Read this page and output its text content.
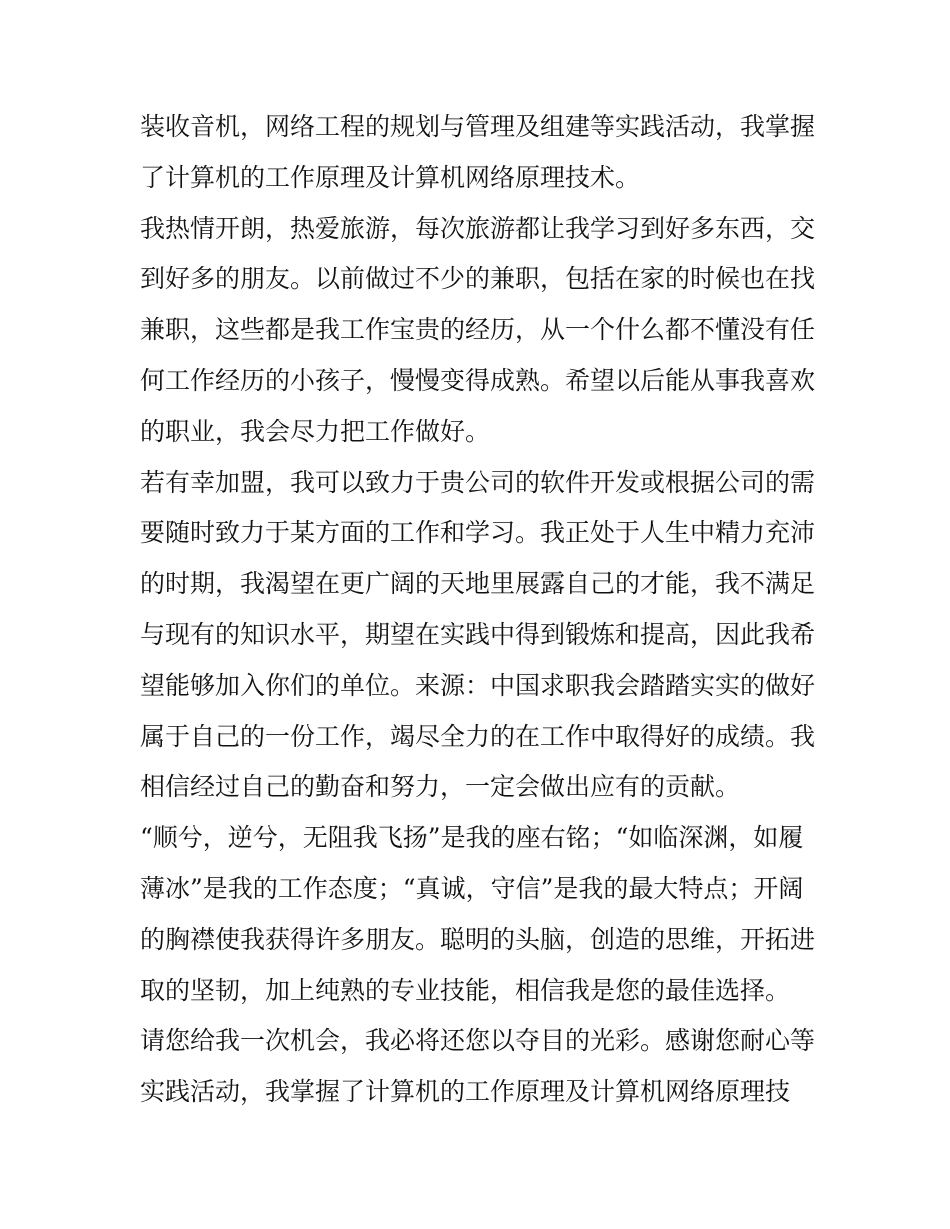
装收音机，网络工程的规划与管理及组建等实践活动，我掌握
了计算机的工作原理及计算机网络原理技术。
我热情开朗，热爱旅游，每次旅游都让我学习到好多东西，交
到好多的朋友。以前做过不少的兼职，包括在家的时候也在找
兼职，这些都是我工作宝贵的经历，从一个什么都不懂没有任
何工作经历的小孩子，慢慢变得成熟。希望以后能从事我喜欢
的职业，我会尽力把工作做好。
若有幸加盟，我可以致力于贵公司的软件开发或根据公司的需
要随时致力于某方面的工作和学习。我正处于人生中精力充沛
的时期，我渴望在更广阔的天地里展露自己的才能，我不满足
与现有的知识水平，期望在实践中得到锻炼和提高，因此我希
望能够加入你们的单位。来源：中国求职我会踏踏实实的做好
属于自己的一份工作，竭尽全力的在工作中取得好的成绩。我
相信经过自己的勤奋和努力，一定会做出应有的贡献。
“顺兮，逆兮，无阻我飞扬”是我的座右铭；“如临深渊，如履
薄冰”是我的工作态度；“真诚，守信”是我的最大特点；开阔
的胸襟使我获得许多朋友。聪明的头脑，创造的思维，开拓进
取的坚韧，加上纯熟的专业技能，相信我是您的最佳选择。
请您给我一次机会，我必将还您以夺目的光彩。感谢您耐心等
实践活动，我掌握了计算机的工作原理及计算机网络原理技
